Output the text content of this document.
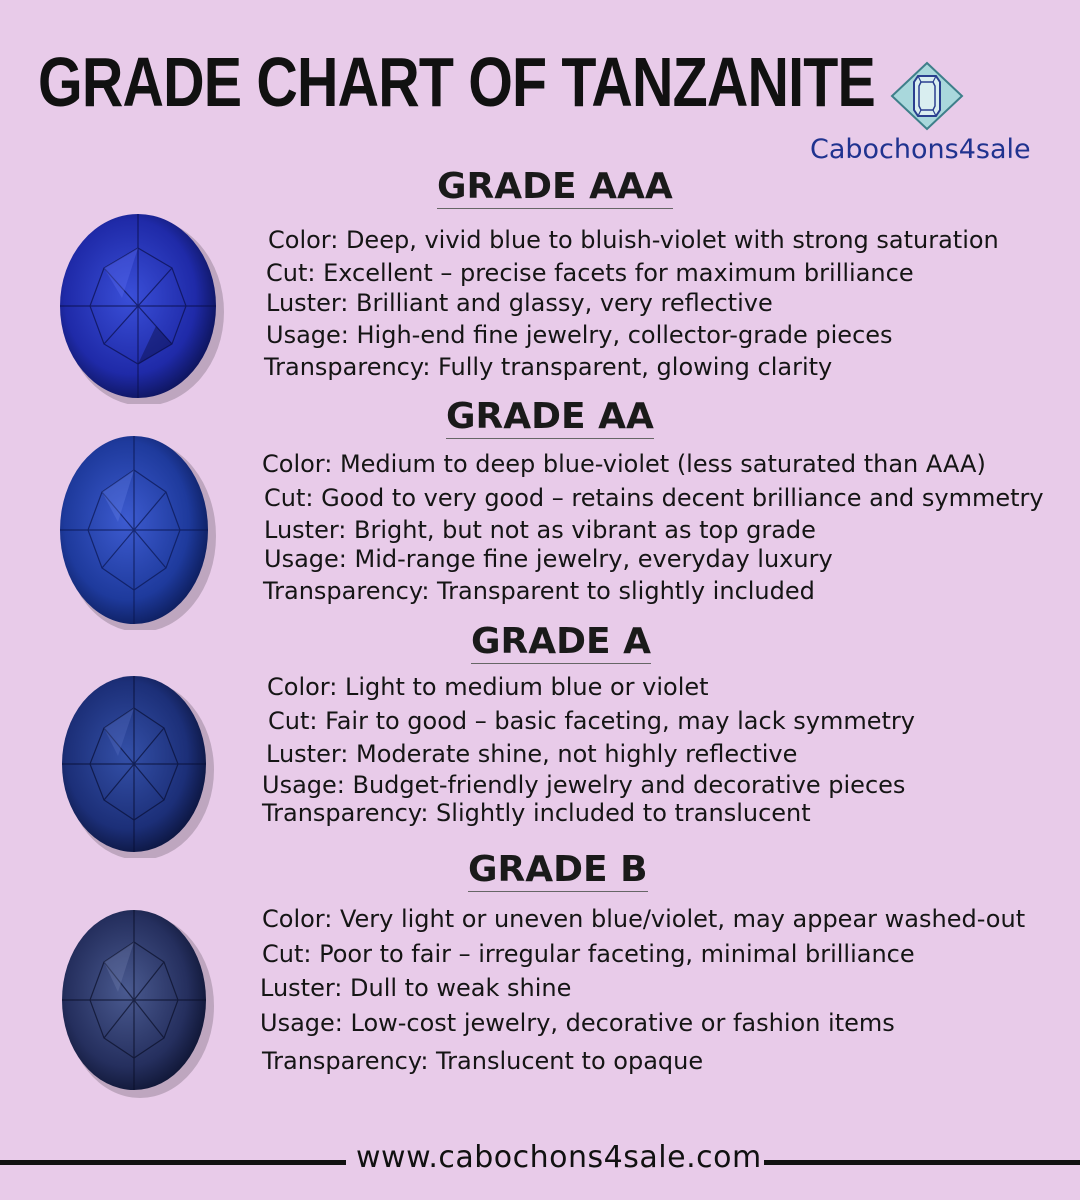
GRADE CHART OF TANZANITE
Cabochons4sale
GRADE AAA
Color: Deep, vivid blue to bluish-violet with strong saturation
Cut: Excellent – precise facets for maximum brilliance
Luster: Brilliant and glassy, very reflective
Usage: High-end fine jewelry, collector-grade pieces
Transparency: Fully transparent, glowing clarity
GRADE AA
Color: Medium to deep blue-violet (less saturated than AAA)
Cut: Good to very good – retains decent brilliance and symmetry
Luster: Bright, but not as vibrant as top grade
Usage: Mid-range fine jewelry, everyday luxury
Transparency: Transparent to slightly included
GRADE A
Color: Light to medium blue or violet
Cut: Fair to good – basic faceting, may lack symmetry
Luster: Moderate shine, not highly reflective
Usage: Budget-friendly jewelry and decorative pieces
Transparency: Slightly included to translucent
GRADE B
Color: Very light or uneven blue/violet, may appear washed-out
Cut: Poor to fair – irregular faceting, minimal brilliance
Luster: Dull to weak shine
Usage: Low-cost jewelry, decorative or fashion items
Transparency: Translucent to opaque
www.cabochons4sale.com
